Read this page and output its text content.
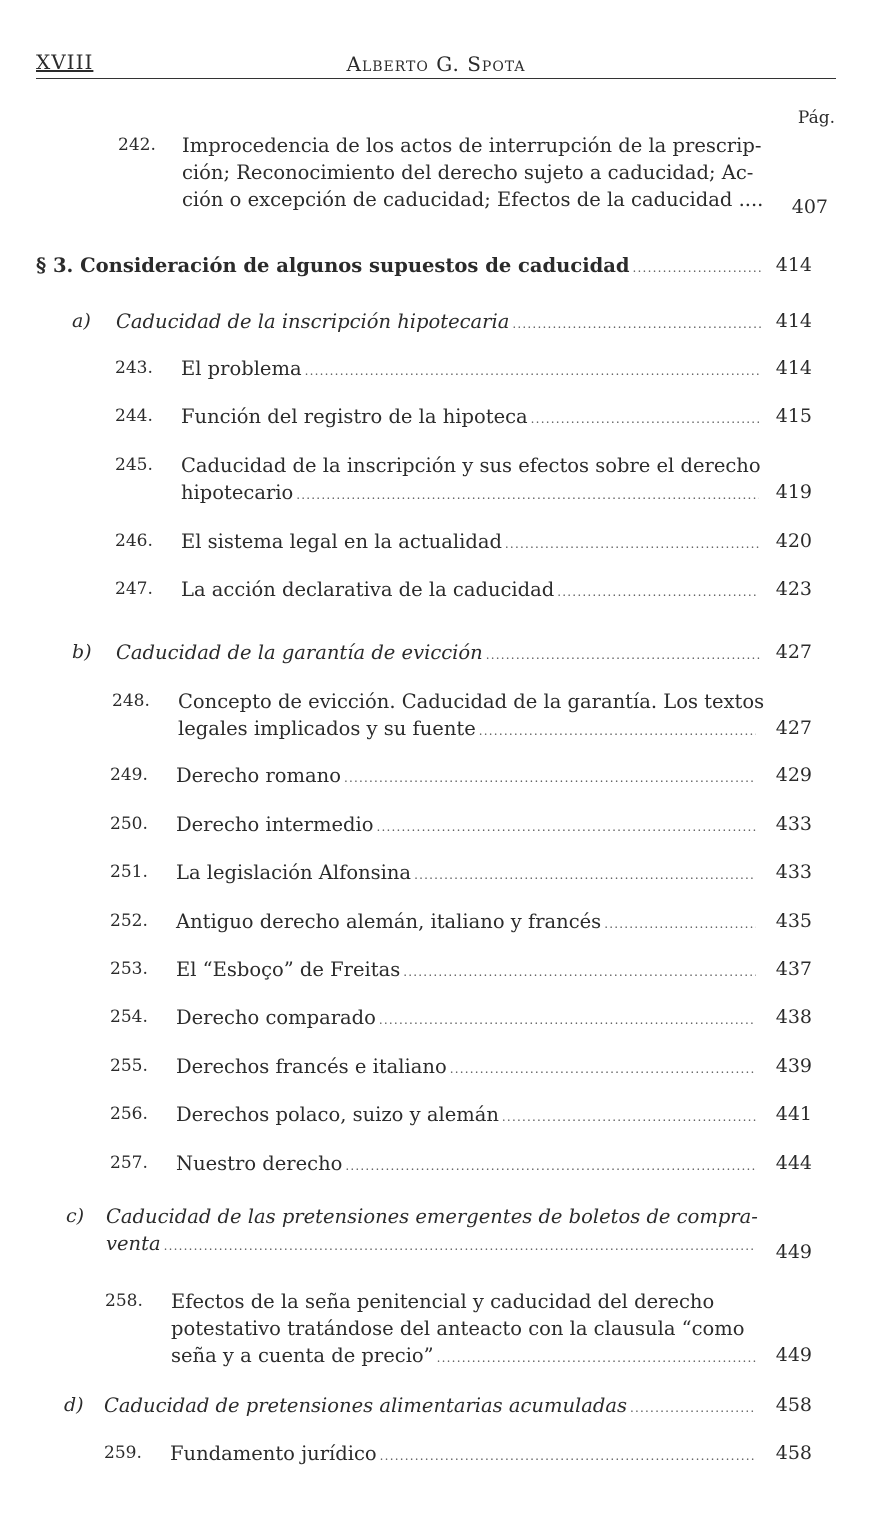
XVIII	Alberto G. Spota
Pág.
242. Improcedencia de los actos de interrupción de la prescrip-
ción; Reconocimiento del derecho sujeto a caducidad; Ac-
ción o excepción de caducidad; Efectos de la caducidad ....	407
§ 3. Consideración de algunos supuestos de caducidad .....	414
a) Caducidad de la inscripción hipotecaria .....	414
243. El problema .....	414
244. Función del registro de la hipoteca .....	415
245. Caducidad de la inscripción y sus efectos sobre el derecho
hipotecario
.....	419
246. El sistema legal en la actualidad .....	420
247. La acción declarativa de la caducidad .....	423
b) Caducidad de la garantía de evicción .....	427
248. Concepto de evicción. Caducidad de la garantía. Los textos
legales implicados y su fuente .....	427
249. Derecho romano .....	429
250. Derecho intermedio .....	433
251. La legislación Alfonsina .....	433
252. Antiguo derecho alemán, italiano y francés .....	435
253. El “Esboço” de Freitas .....	437
254. Derecho comparado .....	438
255. Derechos francés e italiano .....	439
256. Derechos polaco, suizo y alemán .....	441
257. Nuestro derecho .....	444
c) Caducidad de las pretensiones emergentes de boletos de compra-
venta
.....	449
258. Efectos de la seña penitencial y caducidad del derecho
potestativo tratándose del anteacto con la clausula “como
seña y a cuenta de precio” .....	449
d) Caducidad de pretensiones alimentarias acumuladas .....	458
259. Fundamento jurídico .....	458
